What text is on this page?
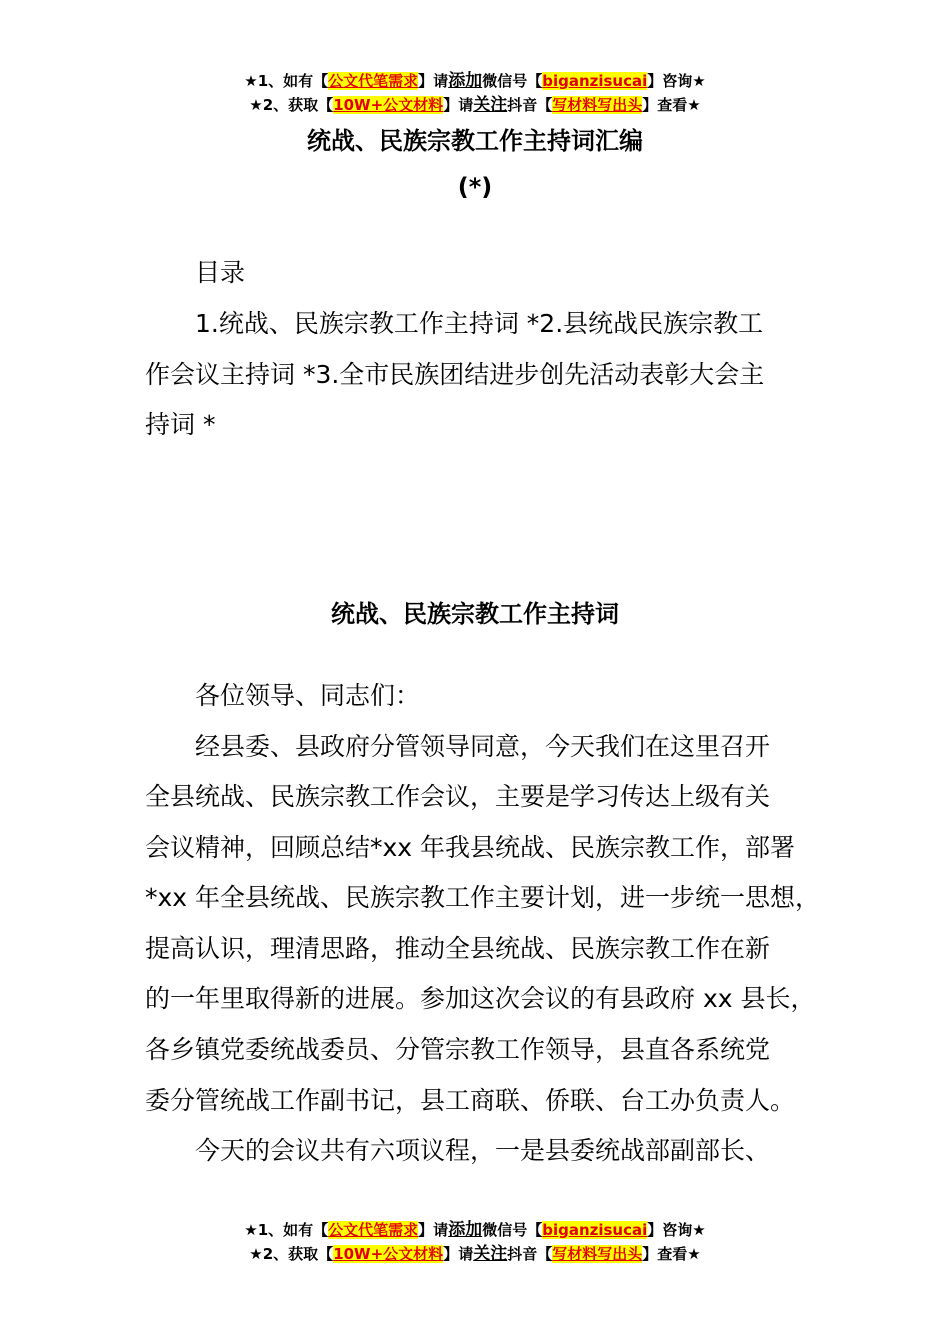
★1、如有【公文代笔需求】请添加微信号【biganzisucai】咨询★
★2、获取【10W+公文材料】请关注抖音【写材料写出头】查看★
统战、民族宗教工作主持词汇编
(*)
目录
1.统战、民族宗教工作主持词 *2.县统战民族宗教工
作会议主持词 *3.全市民族团结进步创先活动表彰大会主
持词 *
统战、民族宗教工作主持词
各位领导、同志们：
经县委、县政府分管领导同意，今天我们在这里召开
全县统战、民族宗教工作会议，主要是学习传达上级有关
会议精神，回顾总结*xx 年我县统战、民族宗教工作，部署
*xx 年全县统战、民族宗教工作主要计划，进一步统一思想，
提高认识，理清思路，推动全县统战、民族宗教工作在新
的一年里取得新的进展。参加这次会议的有县政府 xx 县长，
各乡镇党委统战委员、分管宗教工作领导，县直各系统党
委分管统战工作副书记，县工商联、侨联、台工办负责人。
今天的会议共有六项议程，一是县委统战部副部长、
★1、如有【公文代笔需求】请添加微信号【biganzisucai】咨询★
★2、获取【10W+公文材料】请关注抖音【写材料写出头】查看★
